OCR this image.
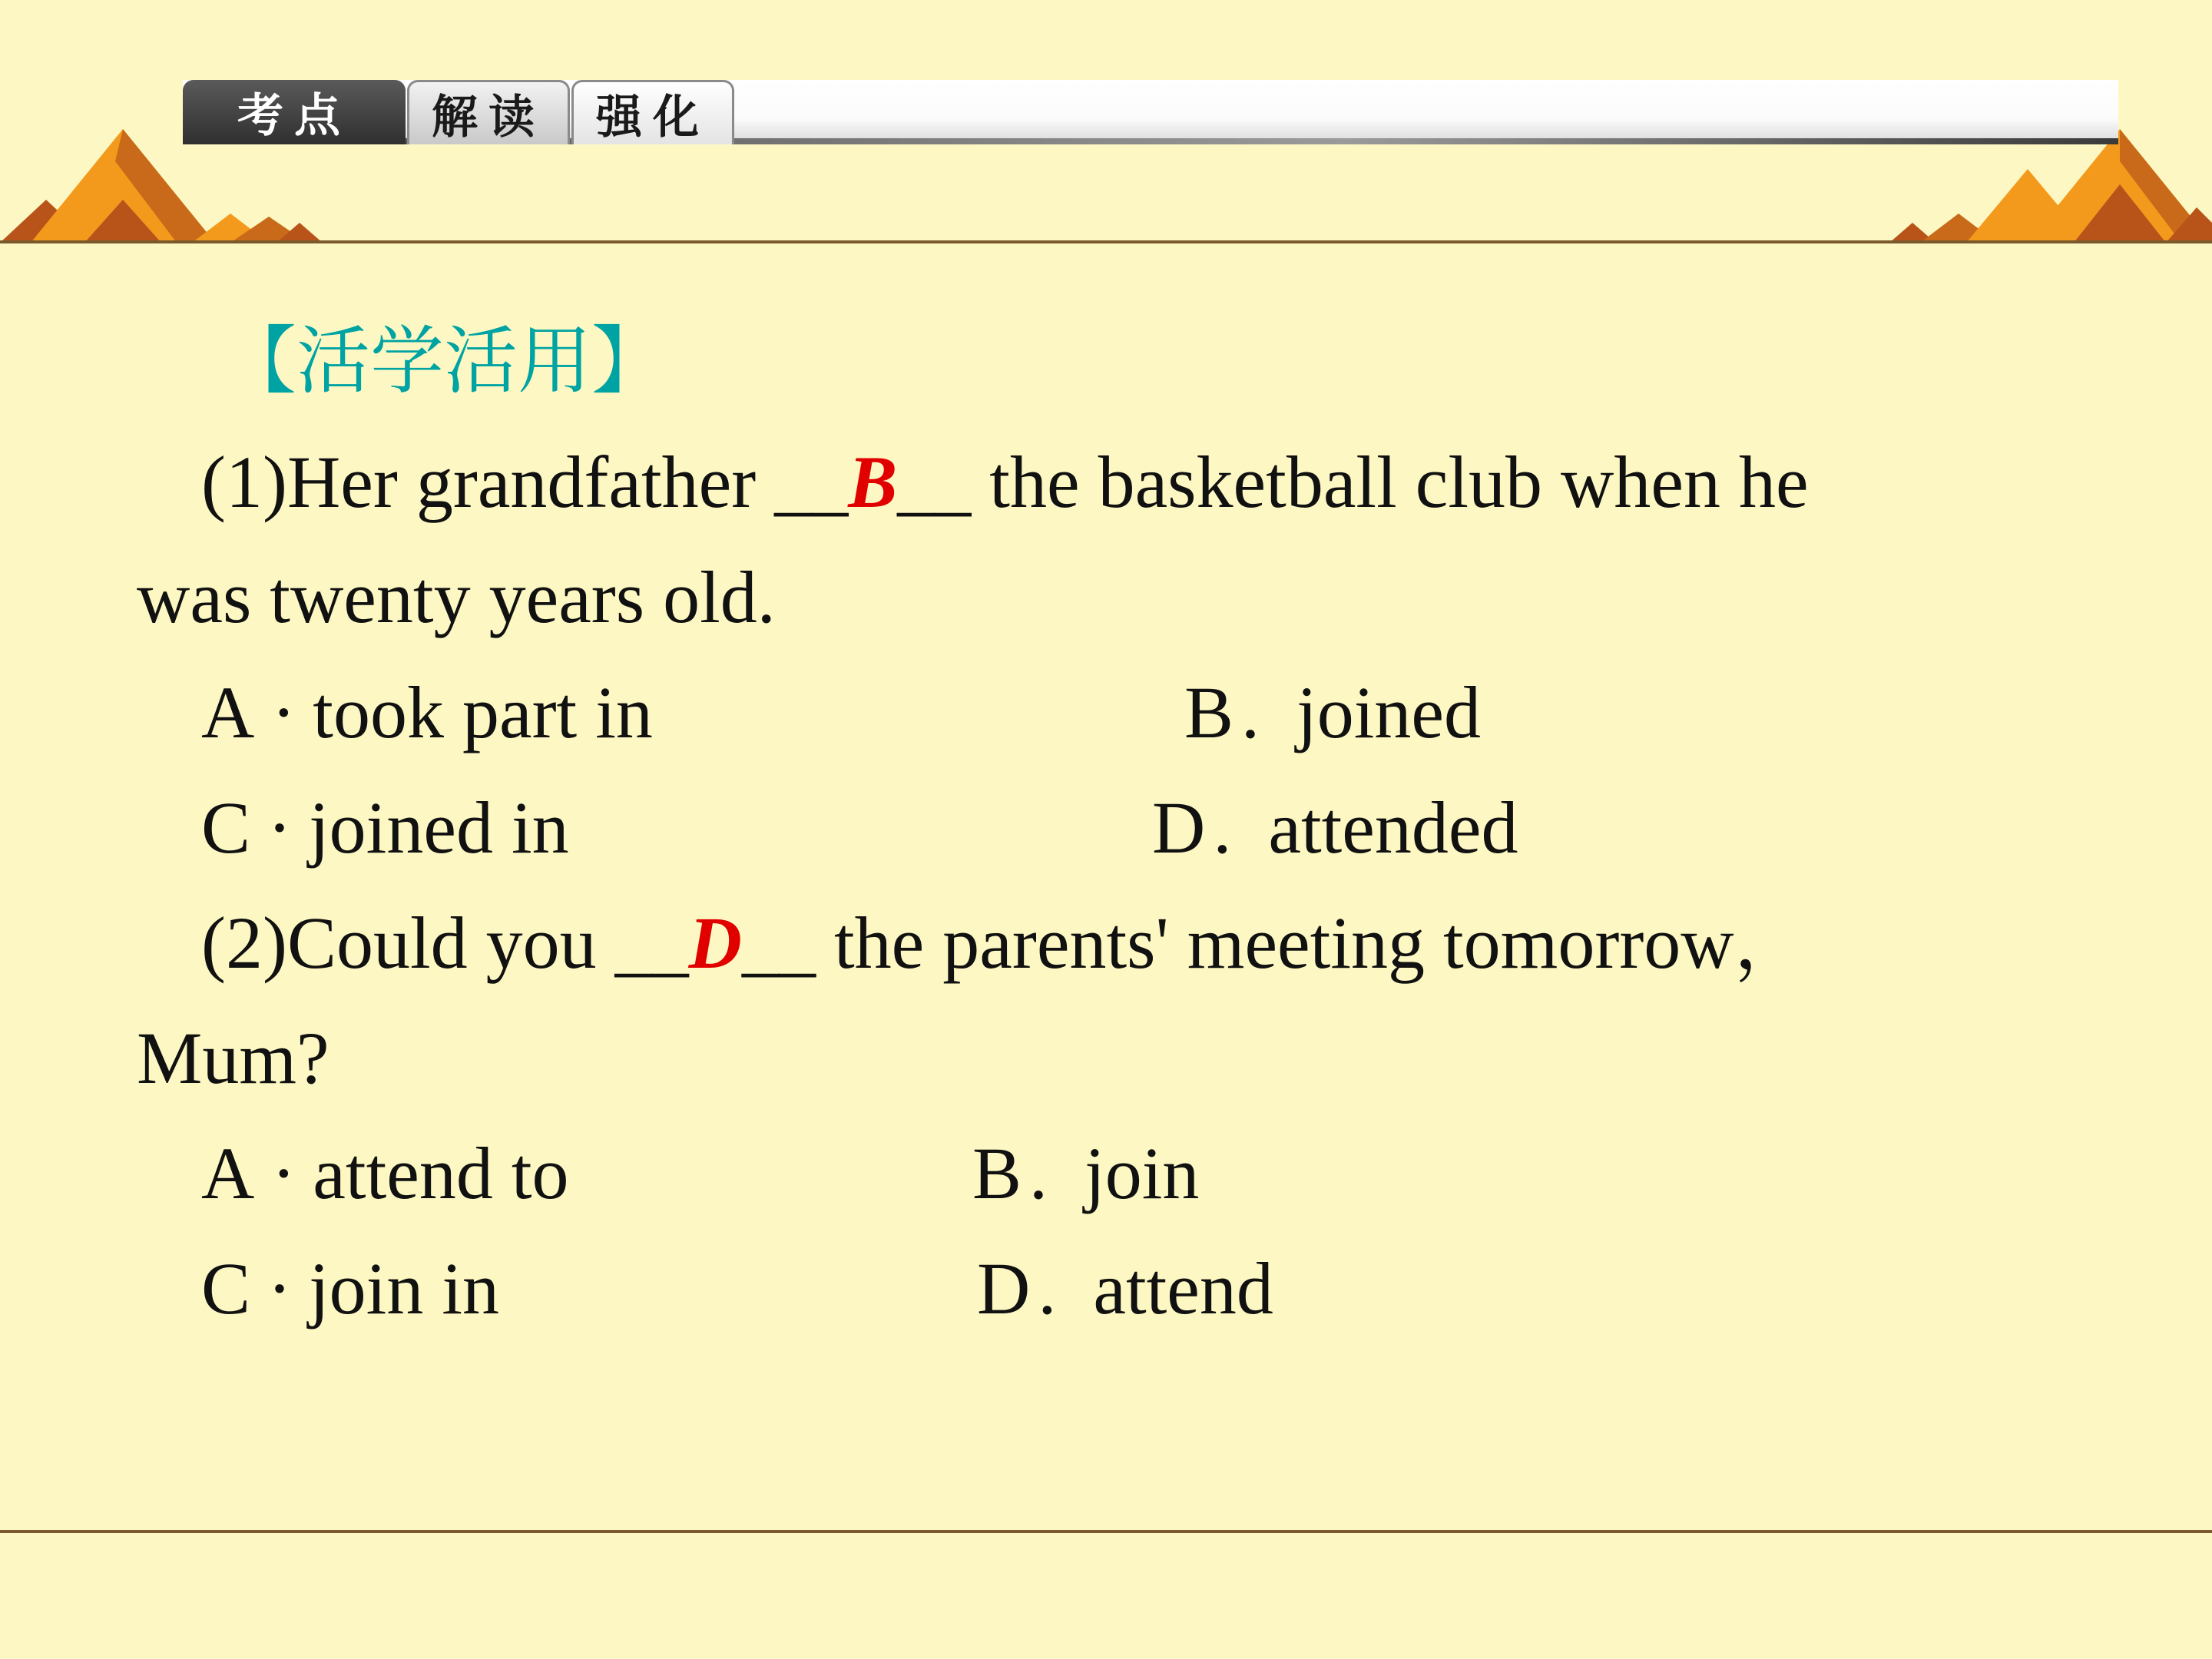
考点	解读	强化
【活学活用】
(1)Her grandfather __B__ the basketball club when he
was twenty years old.
A · took part in	B . joined
C · joined in	D . attended
(2)Could you __D__ the parents' meeting tomorrow，
Mum?
A · attend to	B . join
C · join in	D . attend
